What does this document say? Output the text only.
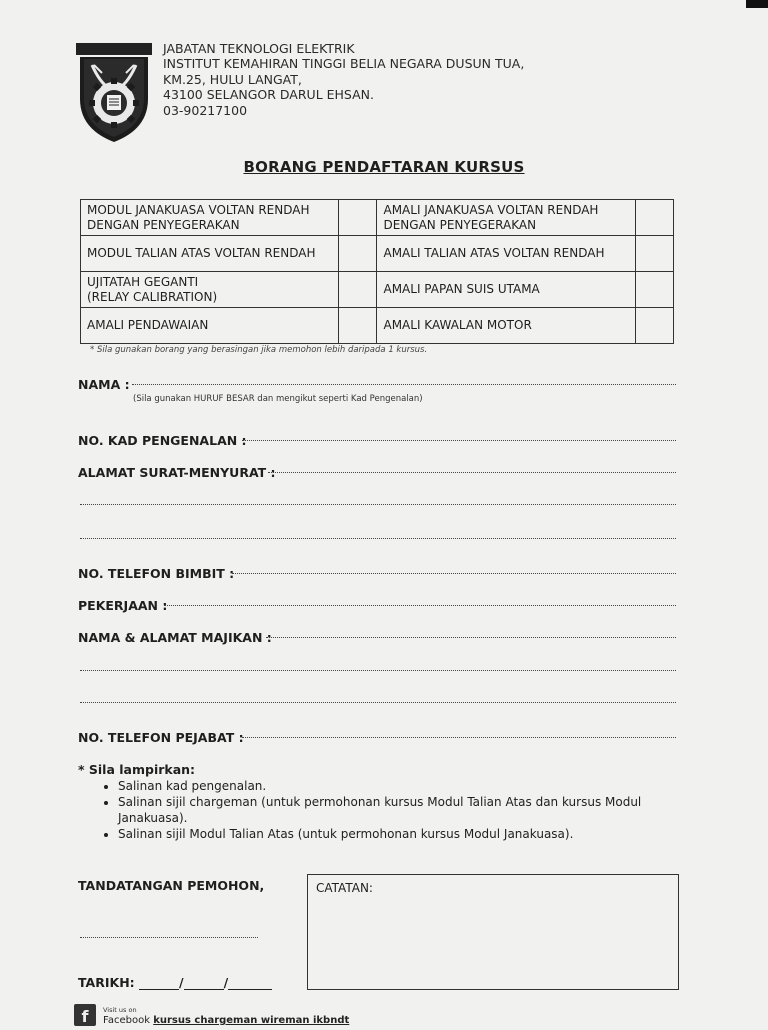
JABATAN TEKNOLOGI ELEKTRIK
INSTITUT KEMAHIRAN TINGGI BELIA NEGARA DUSUN TUA,
KM.25, HULU LANGAT,
43100 SELANGOR DARUL EHSAN.
03-90217100
BORANG PENDAFTARAN KURSUS
MODUL JANAKUASA VOLTAN RENDAH DENGAN PENYEGERAKAN		AMALI JANAKUASA VOLTAN RENDAH DENGAN PENYEGERAKAN	
MODUL TALIAN ATAS VOLTAN RENDAH		AMALI TALIAN ATAS VOLTAN RENDAH	

UJITATAH GEGANTI
(RELAY CALIBRATION)		AMALI PAPAN SUIS UTAMA	
AMALI PENDAWAIAN		AMALI KAWALAN MOTOR	
* Sila gunakan borang yang berasingan jika memohon lebih daripada 1 kursus.
NAMA :
(Sila gunakan HURUF BESAR dan mengikut seperti Kad Pengenalan)
NO. KAD PENGENALAN :
ALAMAT SURAT-MENYURAT :
NO. TELEFON BIMBIT :
PEKERJAAN :
NAMA & ALAMAT MAJIKAN :
NO. TELEFON PEJABAT :
* Sila lampirkan:
• Salinan kad pengenalan.
• Salinan sijil chargeman (untuk permohonan kursus Modul Talian Atas dan kursus Modul Janakuasa).
• Salinan sijil Modul Talian Atas (untuk permohonan kursus Modul Janakuasa).
TANDATANGAN PEMOHON,	CATATAN:
TARIKH:	/	/
f	Visit us on
Facebook kursus chargeman wireman ikbndt
